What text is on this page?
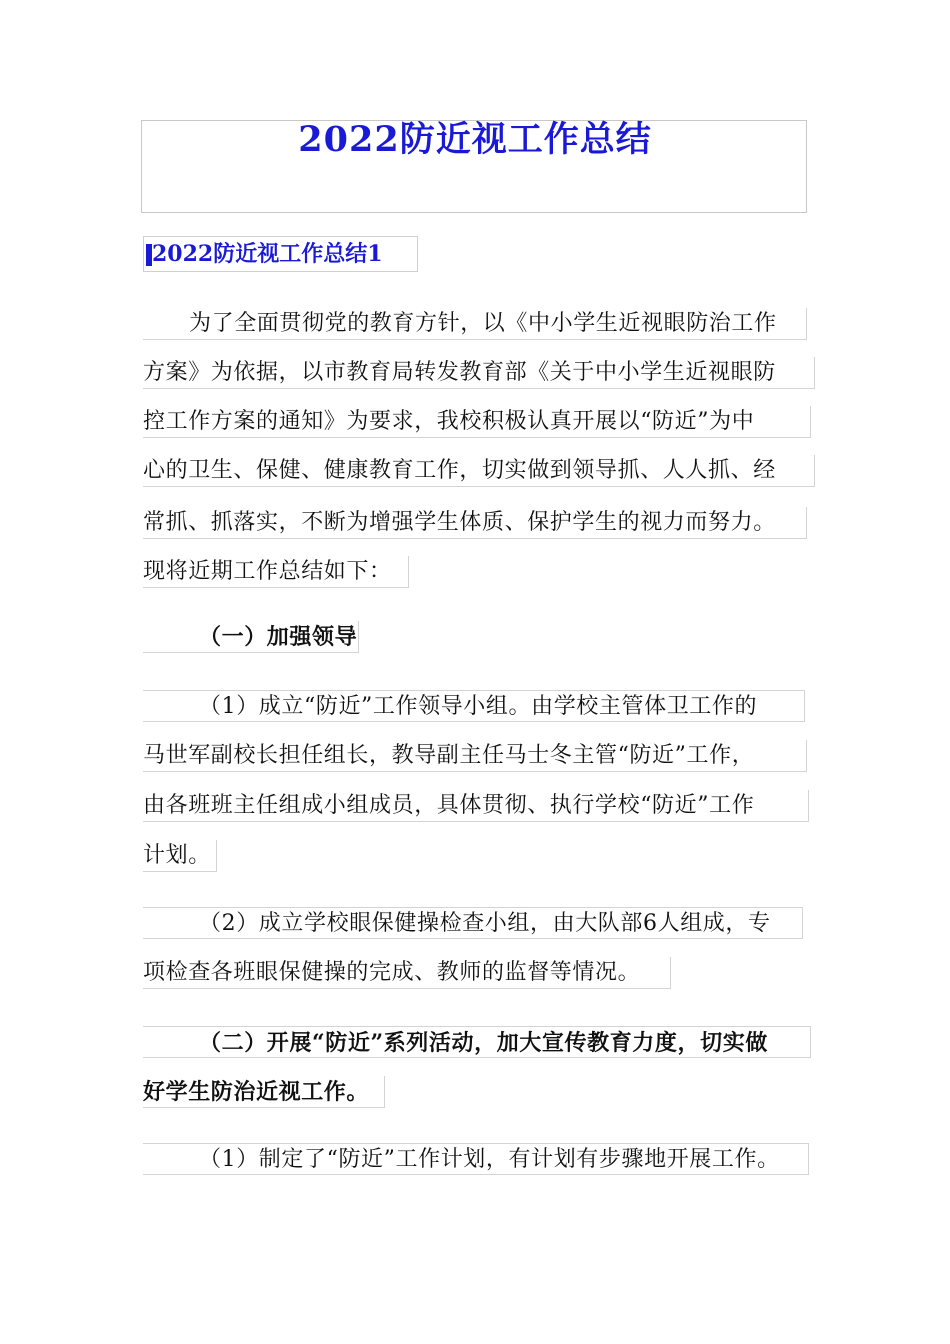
2022防近视工作总结
2022防近视工作总结1
为了全面贯彻党的教育方针，以《中小学生近视眼防治工作
方案》为依据，以市教育局转发教育部《关于中小学生近视眼防
控工作方案的通知》为要求，我校积极认真开展以“防近”为中
心的卫生、保健、健康教育工作，切实做到领导抓、人人抓、经
常抓、抓落实，不断为增强学生体质、保护学生的视力而努力。
现将近期工作总结如下：
（一）加强领导
（1）成立“防近”工作领导小组。由学校主管体卫工作的
马世军副校长担任组长，教导副主任马士冬主管“防近”工作，
由各班班主任组成小组成员，具体贯彻、执行学校“防近”工作
计划。
（2）成立学校眼保健操检查小组，由大队部6人组成，专
项检查各班眼保健操的完成、教师的监督等情况。
（二）开展“防近”系列活动，加大宣传教育力度，切实做
好学生防治近视工作。
（1）制定了“防近”工作计划，有计划有步骤地开展工作。
